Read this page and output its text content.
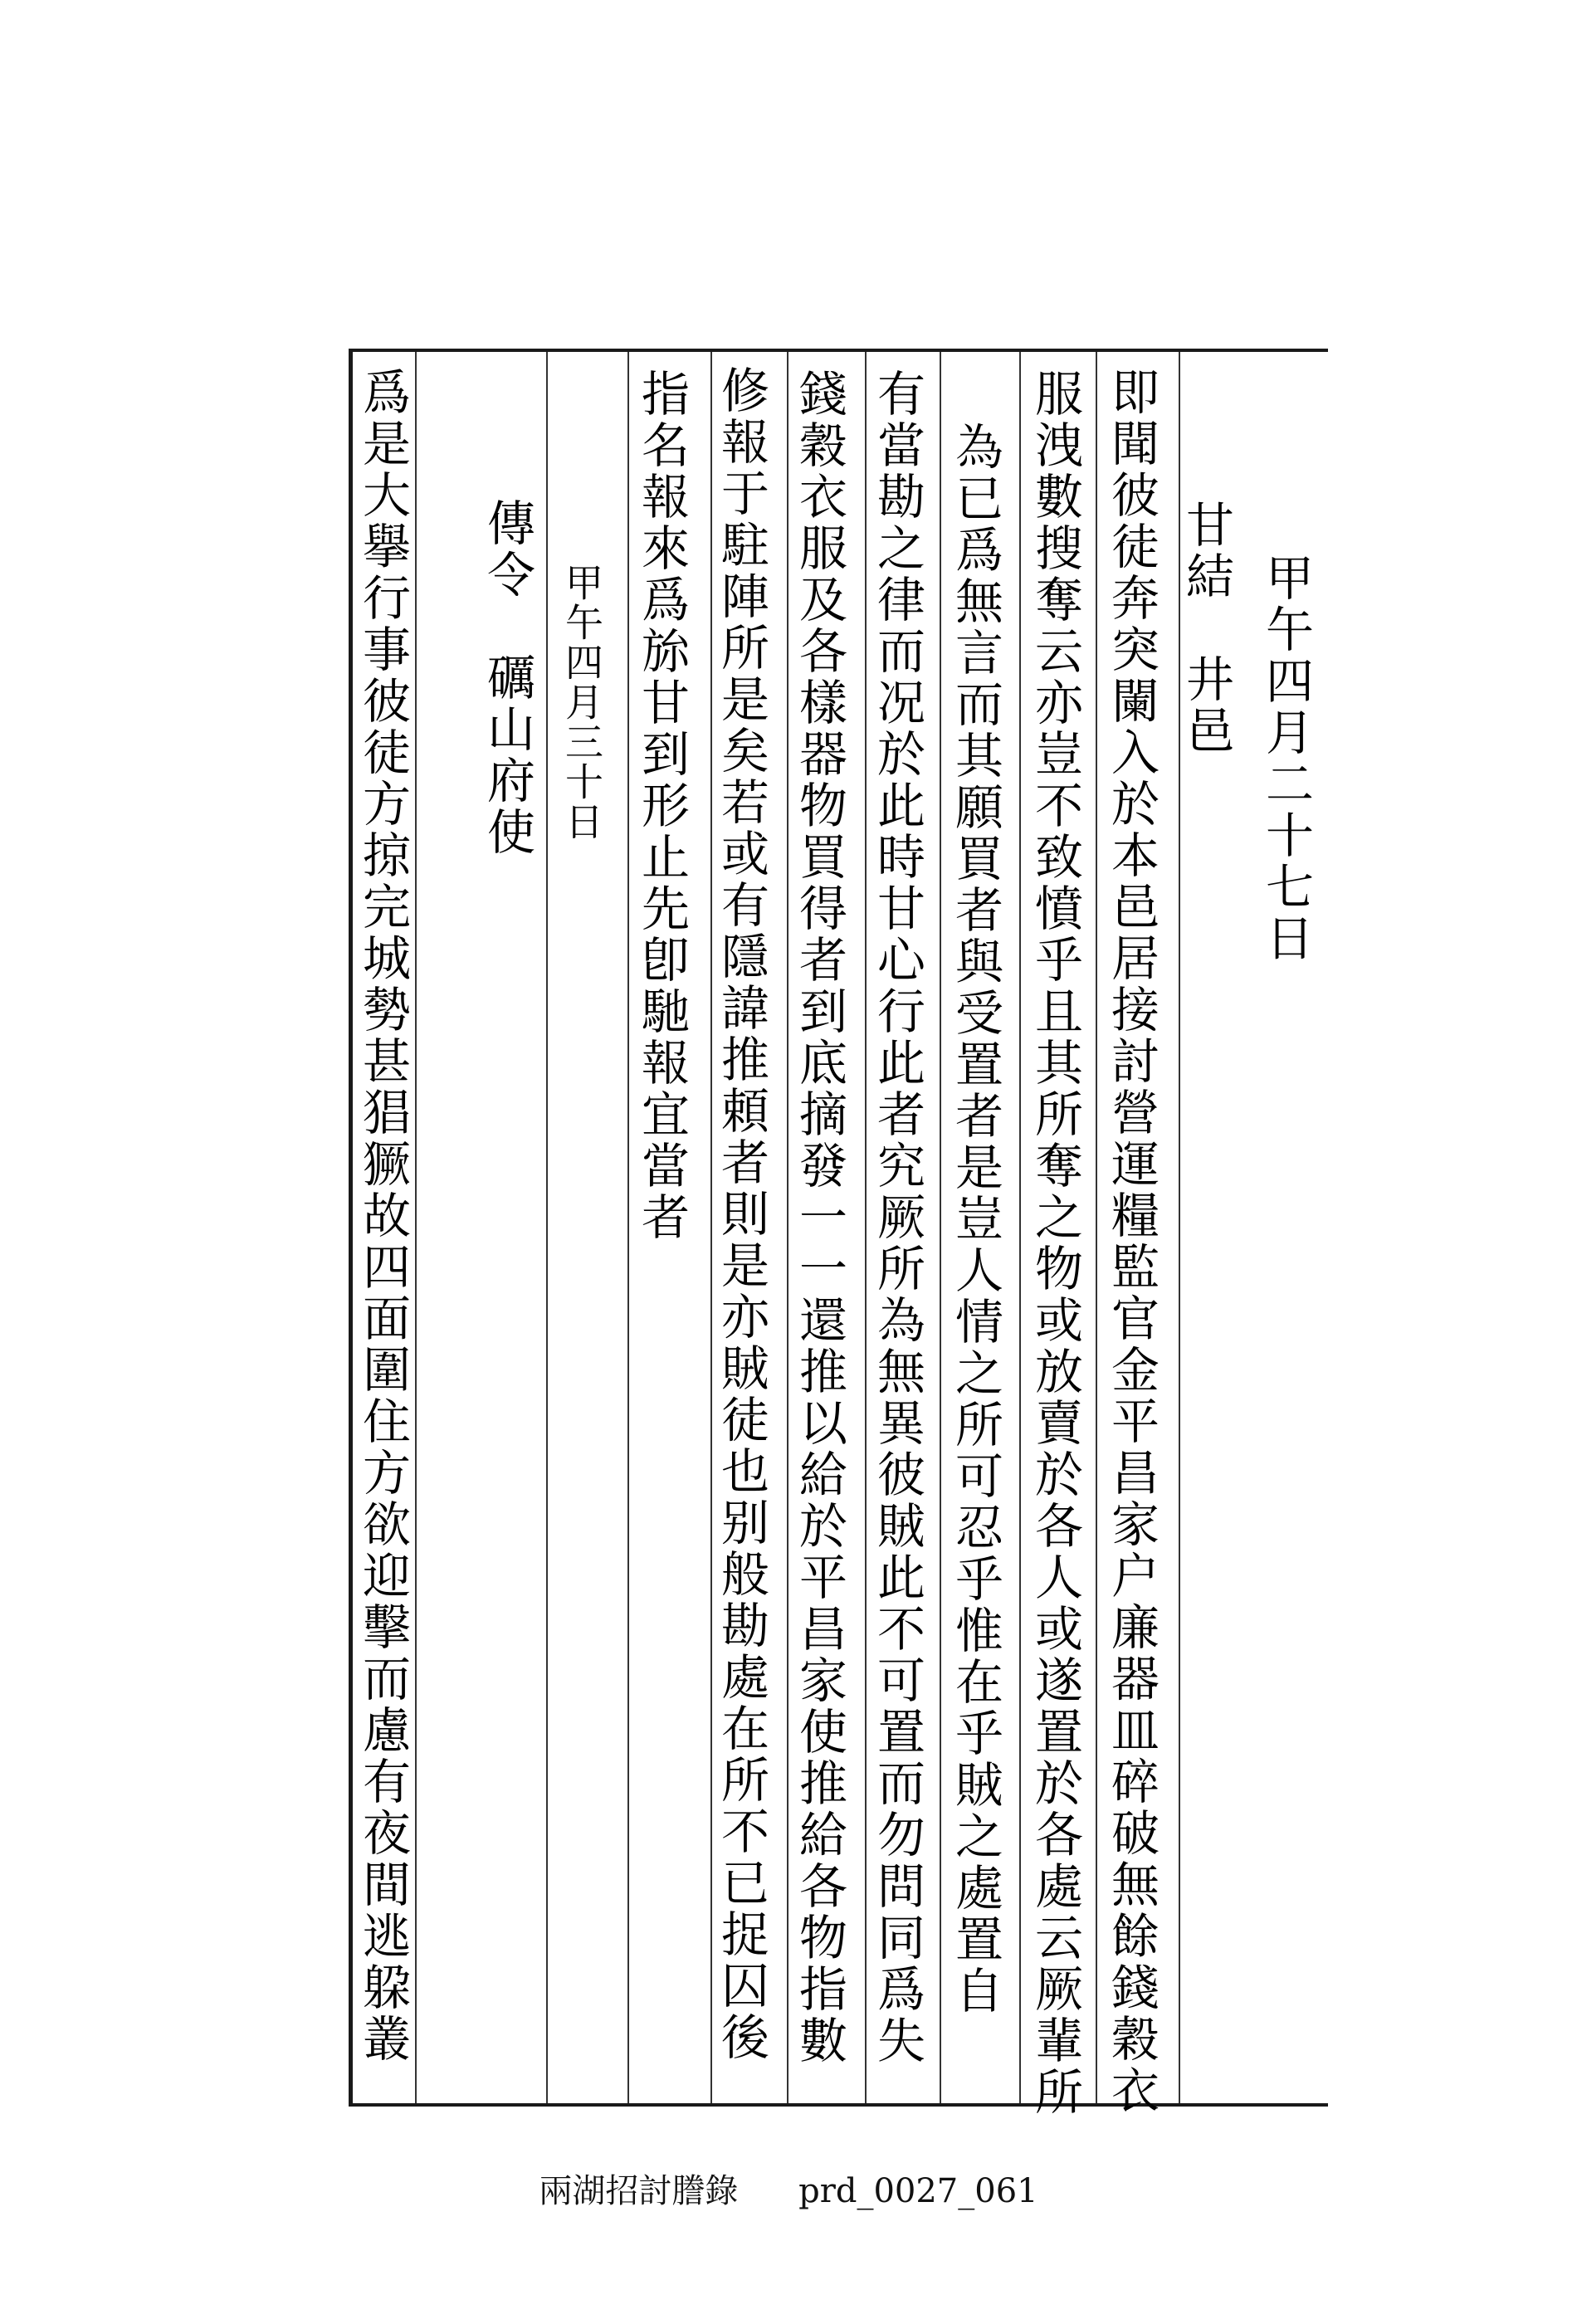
甲午四月二十七日
甘結　井邑
即聞彼徒奔突闌入於本邑居接討營運糧監官金平昌家户廉器皿碎破無餘錢穀衣
服洩數搜奪云亦豈不致憤乎且其所奪之物或放賣於各人或遂置於各處云厥輩所
為已爲無言而其願買者與受置者是豈人情之所可忍乎惟在乎賊之處置自
有當勘之律而况於此時甘心行此者究厥所為無異彼賊此不可置而勿問同爲失
錢穀衣服及各樣器物買得者到底摘發一一還推以給於平昌家使推給各物指數
修報于駐陣所是矣若或有隱諱推頼者則是亦賊徒也别般勘處在所不已捉囚後
指名報來爲旀甘到形止先卽馳報宜當者
甲午四月三十日
傳令　礪山府使
爲是大擧行事彼徒方掠完城勢甚猖獗故四面圍住方欲迎擊而慮有夜間逃躱叢
兩湖招討謄錄 prd_0027_061
